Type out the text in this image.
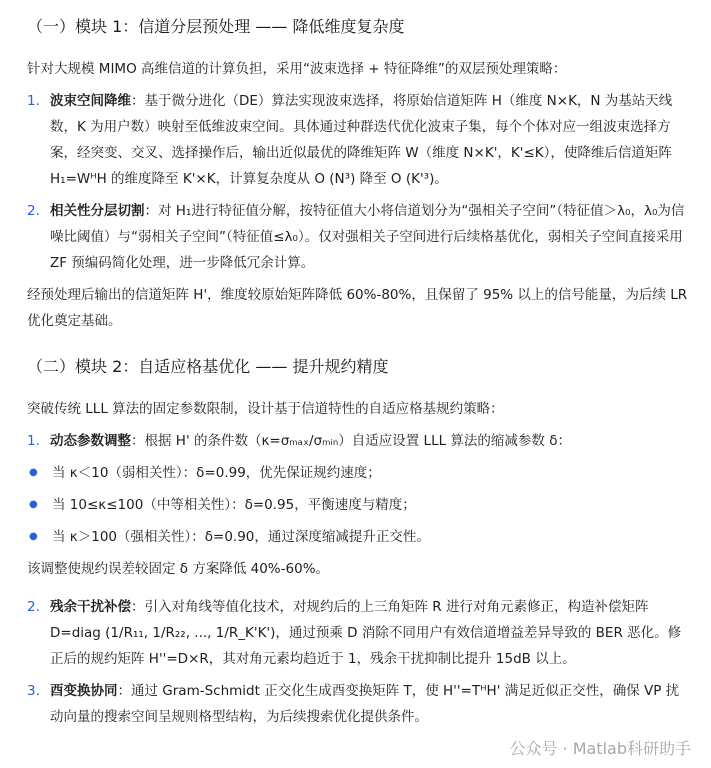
（一）模块 1：信道分层预处理 —— 降低维度复杂度

针对大规模 MIMO 高维信道的计算负担，采用“波束选择 + 特征降维”的双层预处理策略：

1. 波束空间降维：基于微分进化（DE）算法实现波束选择，将原始信道矩阵 H（维度 N×K，N 为基站天线数，K 为用户数）映射至低维波束空间。具体通过种群迭代优化波束子集，每个个体对应一组波束选择方案，经突变、交叉、选择操作后，输出近似最优的降维矩阵 W（维度 N×K'，K'≤K），使降维后信道矩阵 H₁=WᴴH 的维度降至 K'×K，计算复杂度从 O (N³) 降至 O (K'³)。
2. 相关性分层切割：对 H₁进行特征值分解，按特征值大小将信道划分为“强相关子空间”（特征值＞λ₀，λ₀为信噪比阈值）与“弱相关子空间”（特征值≤λ₀）。仅对强相关子空间进行后续格基优化，弱相关子空间直接采用 ZF 预编码简化处理，进一步降低冗余计算。

经预处理后输出的信道矩阵 H'，维度较原始矩阵降低 60%-80%，且保留了 95% 以上的信号能量，为后续 LR 优化奠定基础。

（二）模块 2：自适应格基优化 —— 提升规约精度

突破传统 LLL 算法的固定参数限制，设计基于信道特性的自适应格基规约策略：

1. 动态参数调整：根据 H' 的条件数（κ=σₘₐₓ/σₘᵢₙ）自适应设置 LLL 算法的缩减参数 δ：
●	当 κ＜10（弱相关性）：δ=0.99，优先保证规约速度；
●	当 10≤κ≤100（中等相关性）：δ=0.95，平衡速度与精度；
●	当 κ＞100（强相关性）：δ=0.90，通过深度缩减提升正交性。

该调整使规约误差较固定 δ 方案降低 40%-60%。

2. 残余干扰补偿：引入对角线等值化技术，对规约后的上三角矩阵 R 进行对角元素修正，构造补偿矩阵 D=diag (1/R₁₁, 1/R₂₂, ..., 1/R_K'K')，通过预乘 D 消除不同用户有效信道增益差异导致的 BER 恶化。修正后的规约矩阵 H''=D×R，其对角元素均趋近于 1，残余干扰抑制比提升 15dB 以上。
3. 酉变换协同：通过 Gram-Schmidt 正交化生成酉变换矩阵 T，使 H''=TᴴH' 满足近似正交性，确保 VP 扰动向量的搜索空间呈规则格型结构，为后续搜索优化提供条件。
公众号 · Matlab科研助手
